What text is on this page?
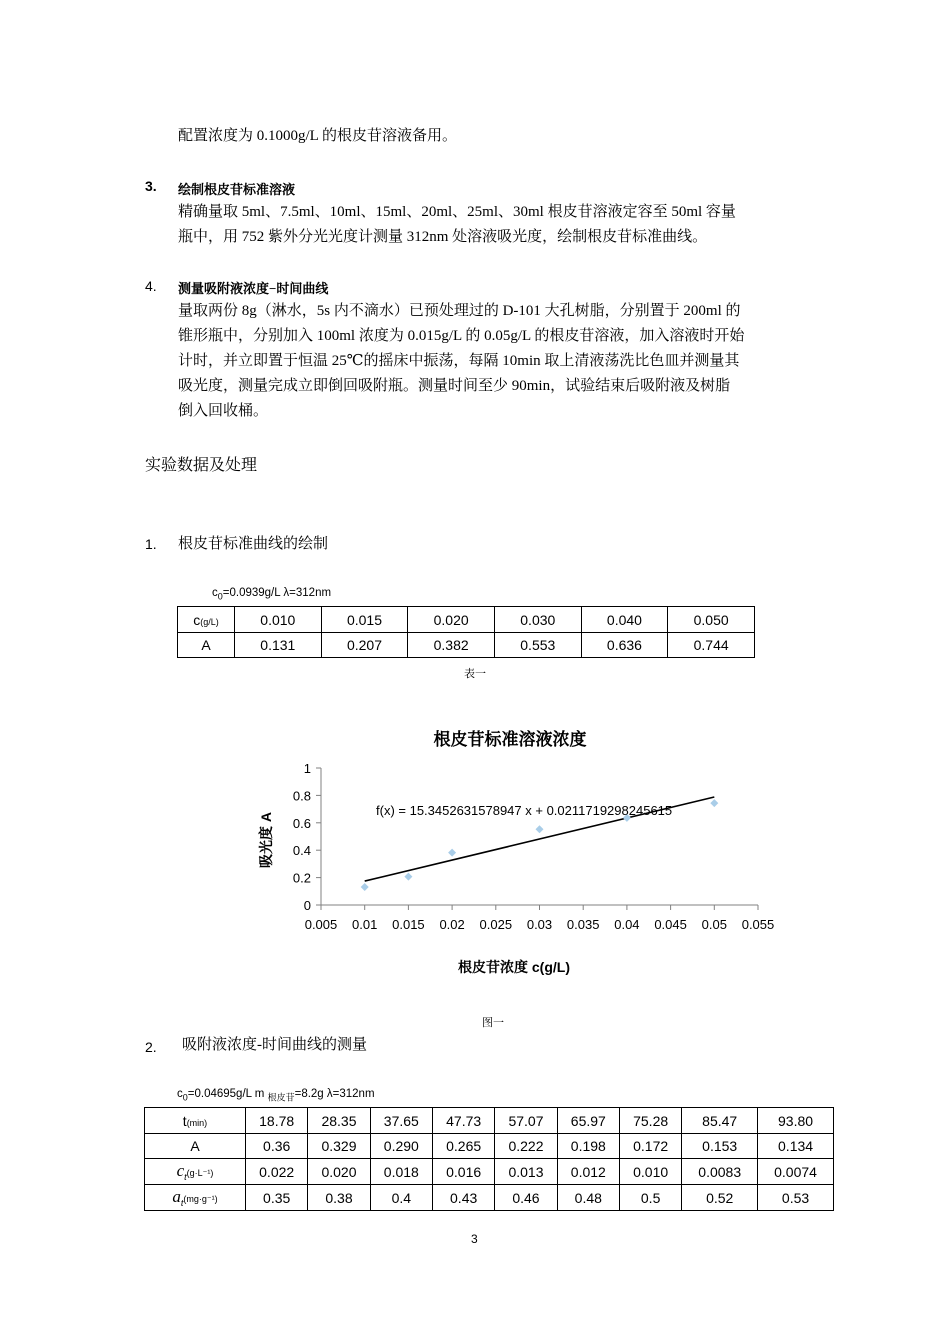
配置浓度为 0.1000g/L 的根皮苷溶液备用。
3. 绘制根皮苷标准溶液
精确量取 5ml、7.5ml、10ml、15ml、20ml、25ml、30ml 根皮苷溶液定容至 50ml 容量
瓶中，用 752 紫外分光光度计测量 312nm 处溶液吸光度，绘制根皮苷标准曲线。
4. 测量吸附液浓度−时间曲线
量取两份 8g（淋水，5s 内不滴水）已预处理过的 D-101 大孔树脂，分别置于 200ml 的
锥形瓶中，分别加入 100ml 浓度为 0.015g/L 的 0.05g/L 的根皮苷溶液，加入溶液时开始
计时，并立即置于恒温 25℃的摇床中振荡，每隔 10min 取上清液荡洗比色皿并测量其
吸光度，测量完成立即倒回吸附瓶。测量时间至少 90min，试验结束后吸附液及树脂
倒入回收桶。
实验数据及处理
1. 根皮苷标准曲线的绘制
$c_0=0.0939g/L$ λ=312nm
c(g/L)	0.010	0.015	0.020	0.030	0.040	0.050
A	0.131	0.207	0.382	0.553	0.636	0.744
表一
根皮苷标准溶液浓度
0
0.2
0.4
0.6
0.8
1
0.005 0.01 0.015 0.02 0.025 0.03 0.035 0.04 0.045 0.05 0.055
f(x) = 15.3452631578947 x + 0.0211719298245615
吸光度 A
根皮苷浓度 c(g/L)
图一
2. 吸附液浓度-时间曲线的测量
$c_0=0.04695g/L$ m $_{根皮苷}$=8.2g λ=312nm
t(min)	18.78	28.35	37.65	47.73	57.07	65.97	75.28	85.47	93.80
A	0.36	0.329	0.290	0.265	0.222	0.198	0.172	0.153	0.134
$c_t(g\cdot L^{-1})$	0.022	0.020	0.018	0.016	0.013	0.012	0.010	0.0083	0.0074
$a_t(mg\cdot g^{-1})$	0.35	0.38	0.4	0.43	0.46	0.48	0.5	0.52	0.53
3
